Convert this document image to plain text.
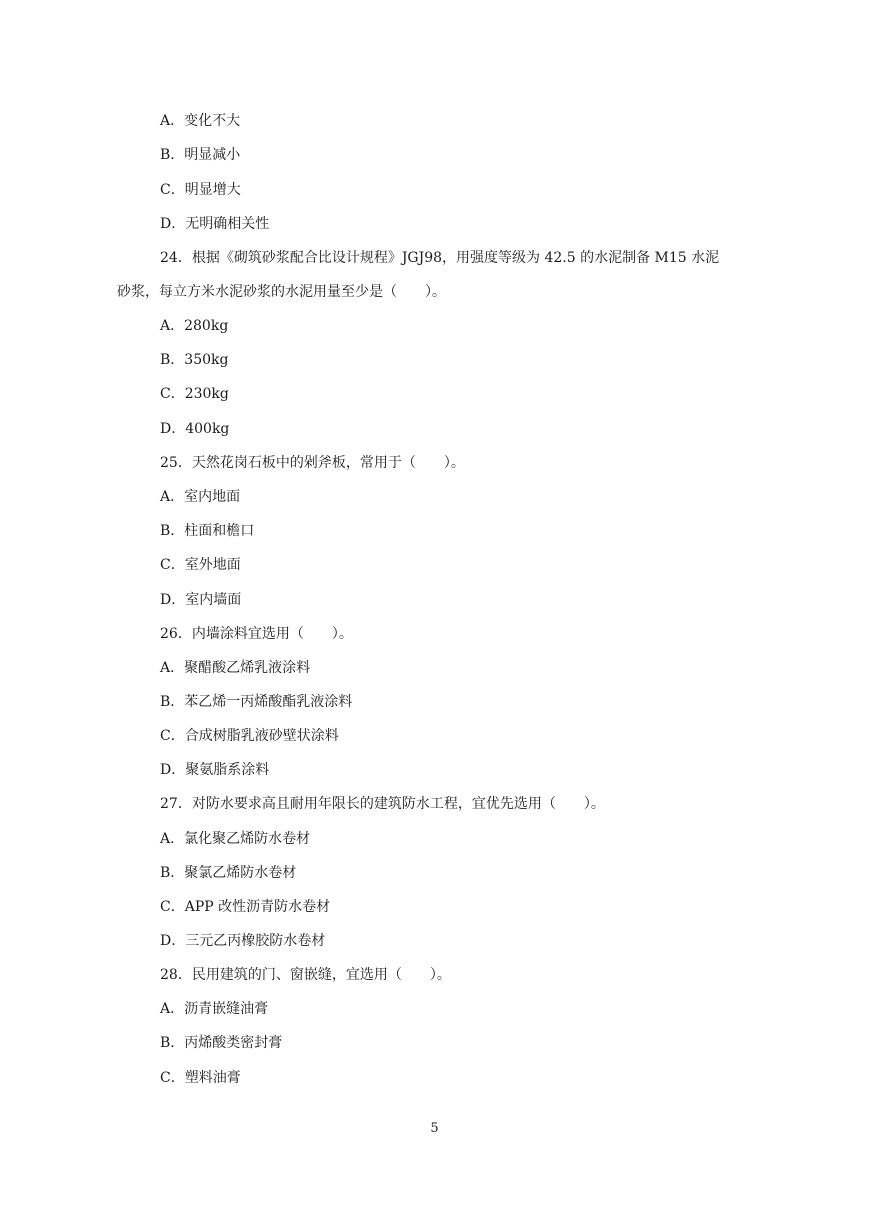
A．变化不大
B．明显减小
C．明显增大
D．无明确相关性
24．根据《砌筑砂浆配合比设计规程》JGJ98，用强度等级为 42.5 的水泥制备 M15 水泥
砂浆，每立方米水泥砂浆的水泥用量至少是（　　）。
A．280kg
B．350kg
C．230kg
D．400kg
25．天然花岗石板中的剁斧板，常用于（　　）。
A．室内地面
B．柱面和檐口
C．室外地面
D．室内墙面
26．内墙涂料宜选用（　　）。
A．聚醋酸乙烯乳液涂料
B．苯乙烯一丙烯酸酯乳液涂料
C．合成树脂乳液砂壁状涂料
D．聚氨脂系涂料
27．对防水要求高且耐用年限长的建筑防水工程，宜优先选用（　　）。
A．氯化聚乙烯防水卷材
B．聚氯乙烯防水卷材
C．APP 改性沥青防水卷材
D．三元乙丙橡胶防水卷材
28．民用建筑的门、窗嵌缝，宜选用（　　）。
A．沥青嵌缝油膏
B．丙烯酸类密封膏
C．塑料油膏
5
